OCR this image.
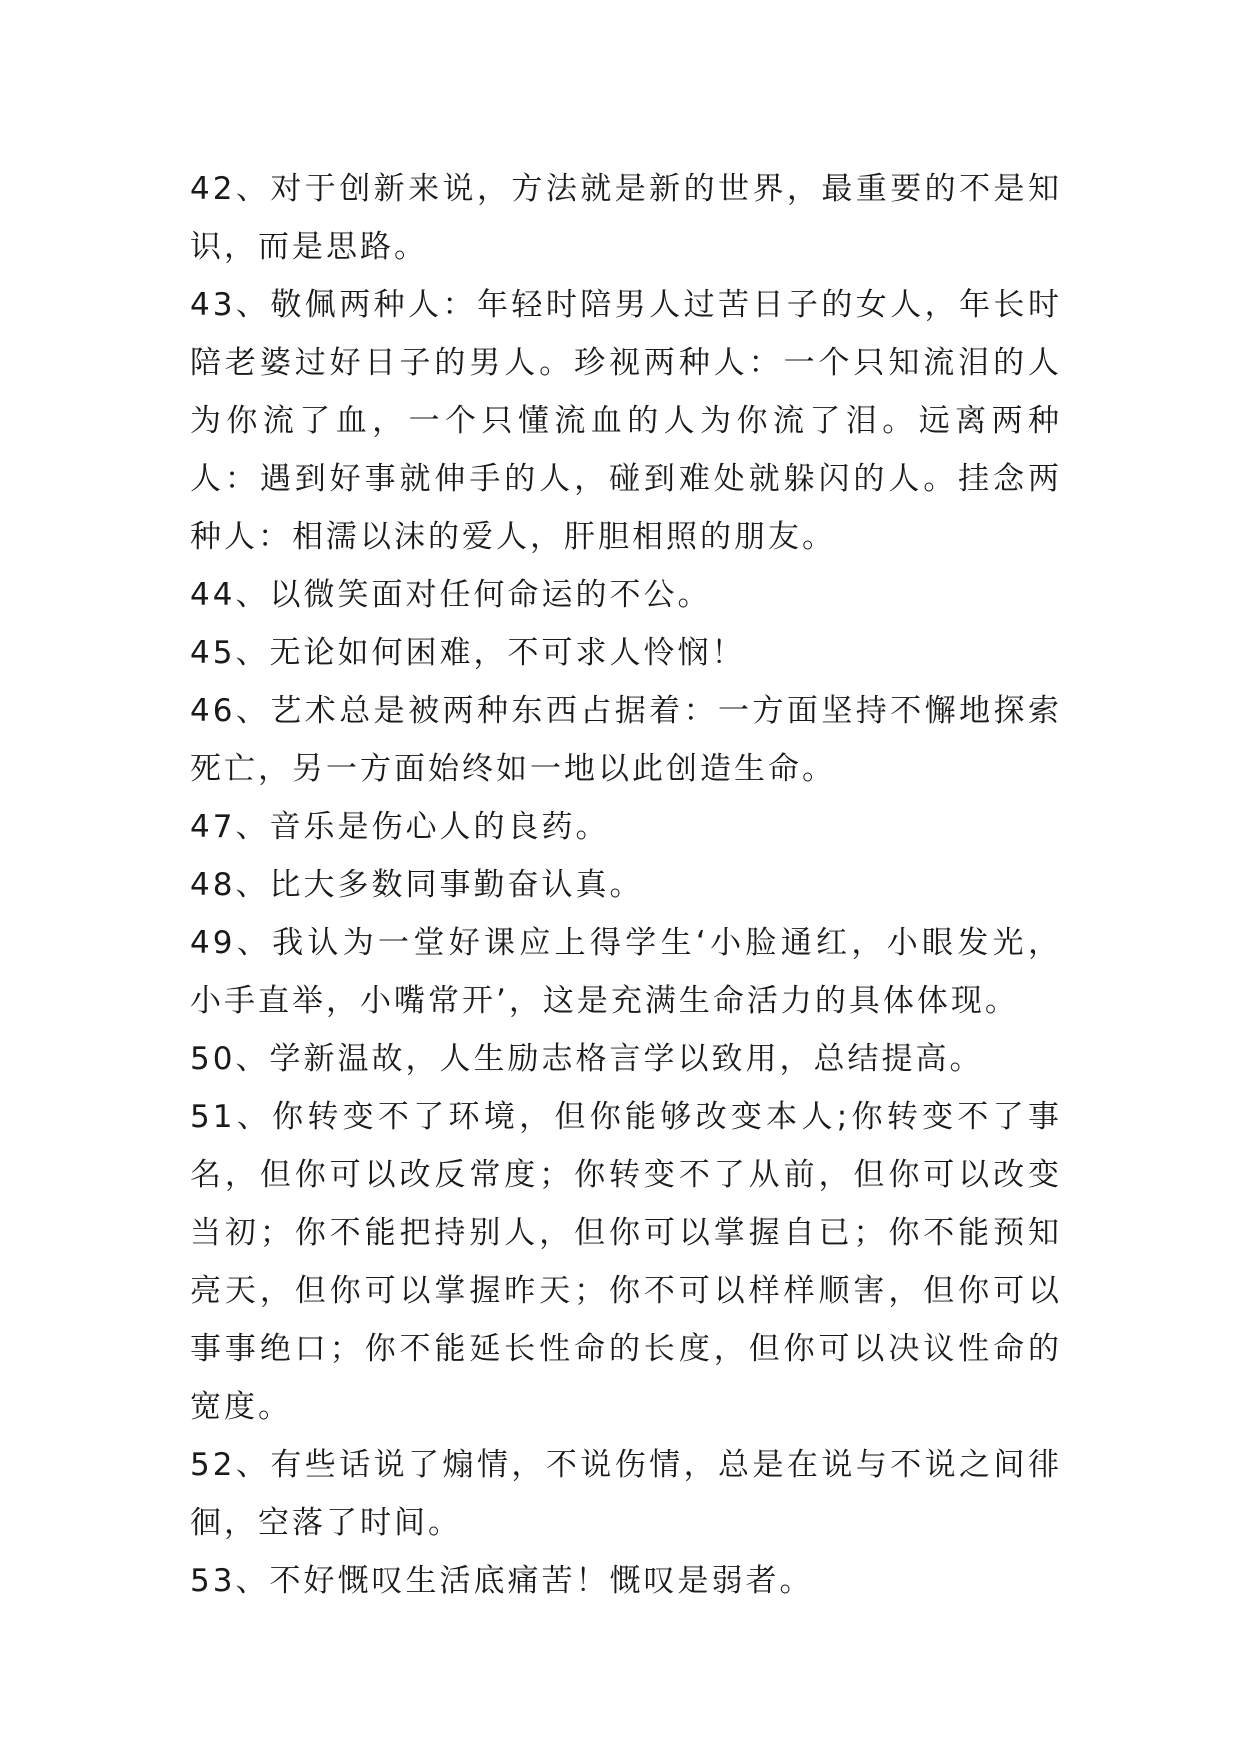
42、对于创新来说，方法就是新的世界，最重要的不是知识，而是思路。

43、敬佩两种人：年轻时陪男人过苦日子的女人，年长时陪老婆过好日子的男人。珍视两种人：一个只知流泪的人为你流了血，一个只懂流血的人为你流了泪。远离两种人：遇到好事就伸手的人，碰到难处就躲闪的人。挂念两种人：相濡以沫的爱人，肝胆相照的朋友。

44、以微笑面对任何命运的不公。

45、无论如何困难，不可求人怜悯！

46、艺术总是被两种东西占据着：一方面坚持不懈地探索死亡，另一方面始终如一地以此创造生命。

47、音乐是伤心人的良药。

48、比大多数同事勤奋认真。

49、我认为一堂好课应上得学生‘小脸通红，小眼发光，小手直举，小嘴常开’，这是充满生命活力的具体体现。

50、学新温故，人生励志格言学以致用，总结提高。

51、你转变不了环境，但你能够改变本人;你转变不了事名，但你可以改反常度；你转变不了从前，但你可以改变当初；你不能把持别人，但你可以掌握自已；你不能预知亮天，但你可以掌握昨天；你不可以样样顺害，但你可以事事绝口；你不能延长性命的长度，但你可以决议性命的宽度。

52、有些话说了煽情，不说伤情，总是在说与不说之间徘徊，空落了时间。

53、不好慨叹生活底痛苦！慨叹是弱者。
